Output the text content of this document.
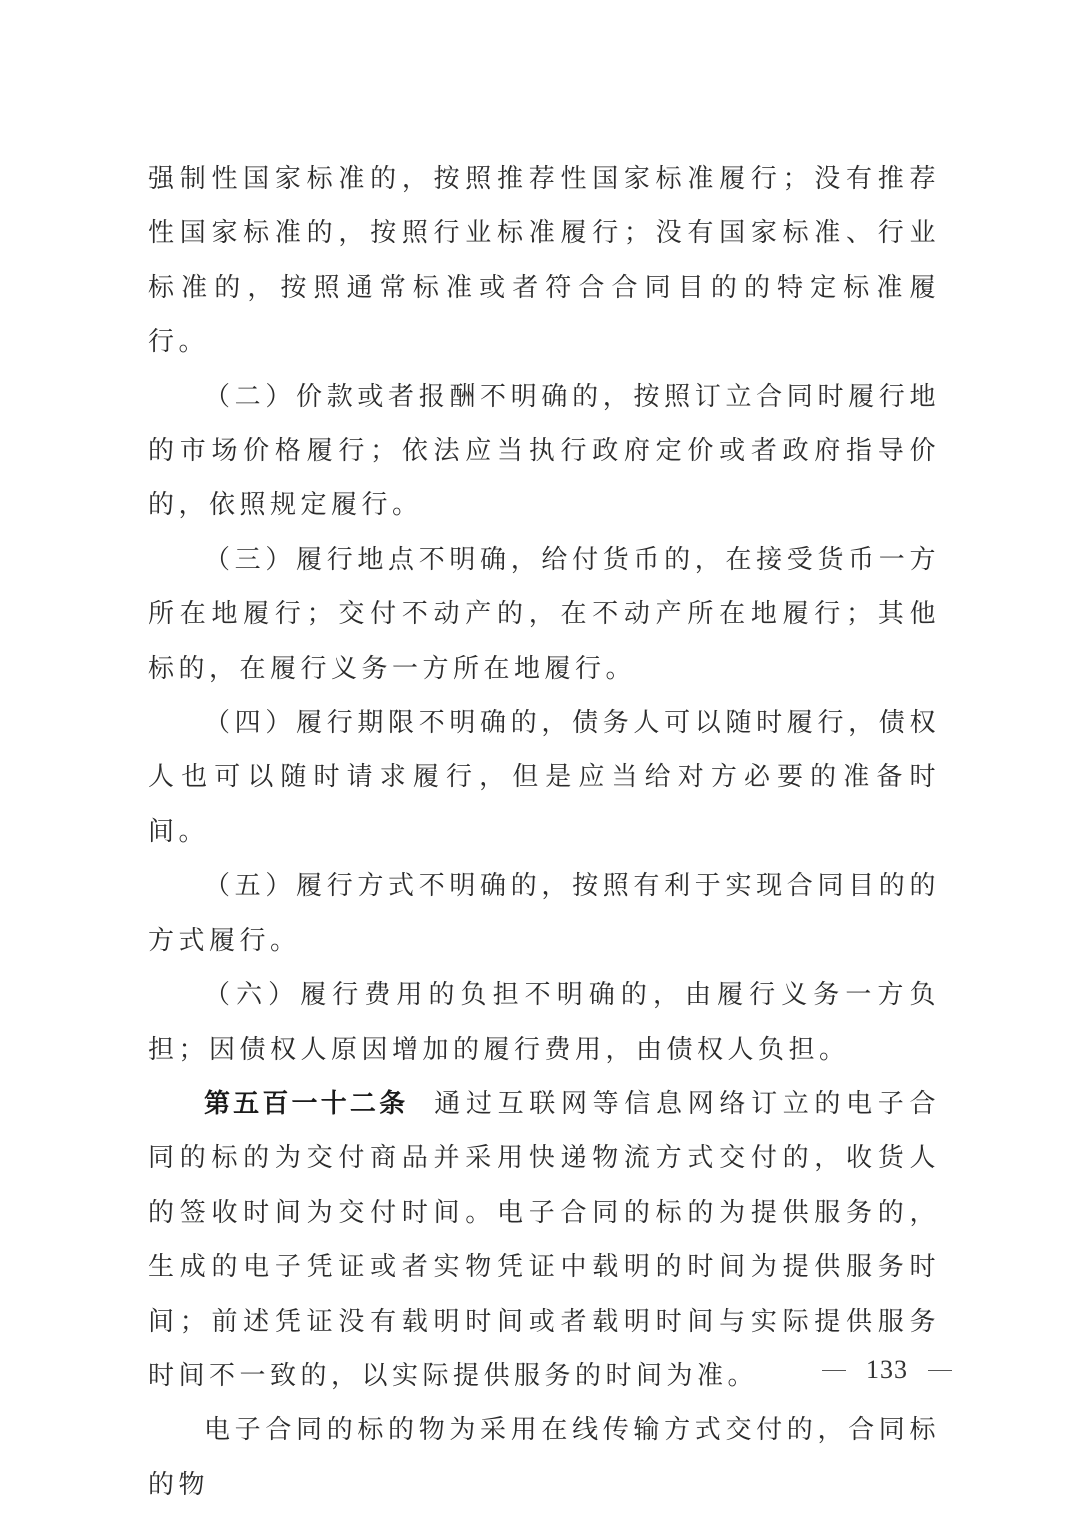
强制性国家标准的，按照推荐性国家标准履行；没有推荐性国家标准的，按照行业标准履行；没有国家标准、行业标准的，按照通常标准或者符合合同目的的特定标准履行。

（二）价款或者报酬不明确的，按照订立合同时履行地的市场价格履行；依法应当执行政府定价或者政府指导价的，依照规定履行。

（三）履行地点不明确，给付货币的，在接受货币一方所在地履行；交付不动产的，在不动产所在地履行；其他标的，在履行义务一方所在地履行。

（四）履行期限不明确的，债务人可以随时履行，债权人也可以随时请求履行，但是应当给对方必要的准备时间。

（五）履行方式不明确的，按照有利于实现合同目的的方式履行。

（六）履行费用的负担不明确的，由履行义务一方负担；因债权人原因增加的履行费用，由债权人负担。

第五百一十二条 通过互联网等信息网络订立的电子合同的标的为交付商品并采用快递物流方式交付的，收货人的签收时间为交付时间。电子合同的标的为提供服务的，生成的电子凭证或者实物凭证中载明的时间为提供服务时间；前述凭证没有载明时间或者载明时间与实际提供服务时间不一致的，以实际提供服务的时间为准。

电子合同的标的物为采用在线传输方式交付的，合同标的物

133
